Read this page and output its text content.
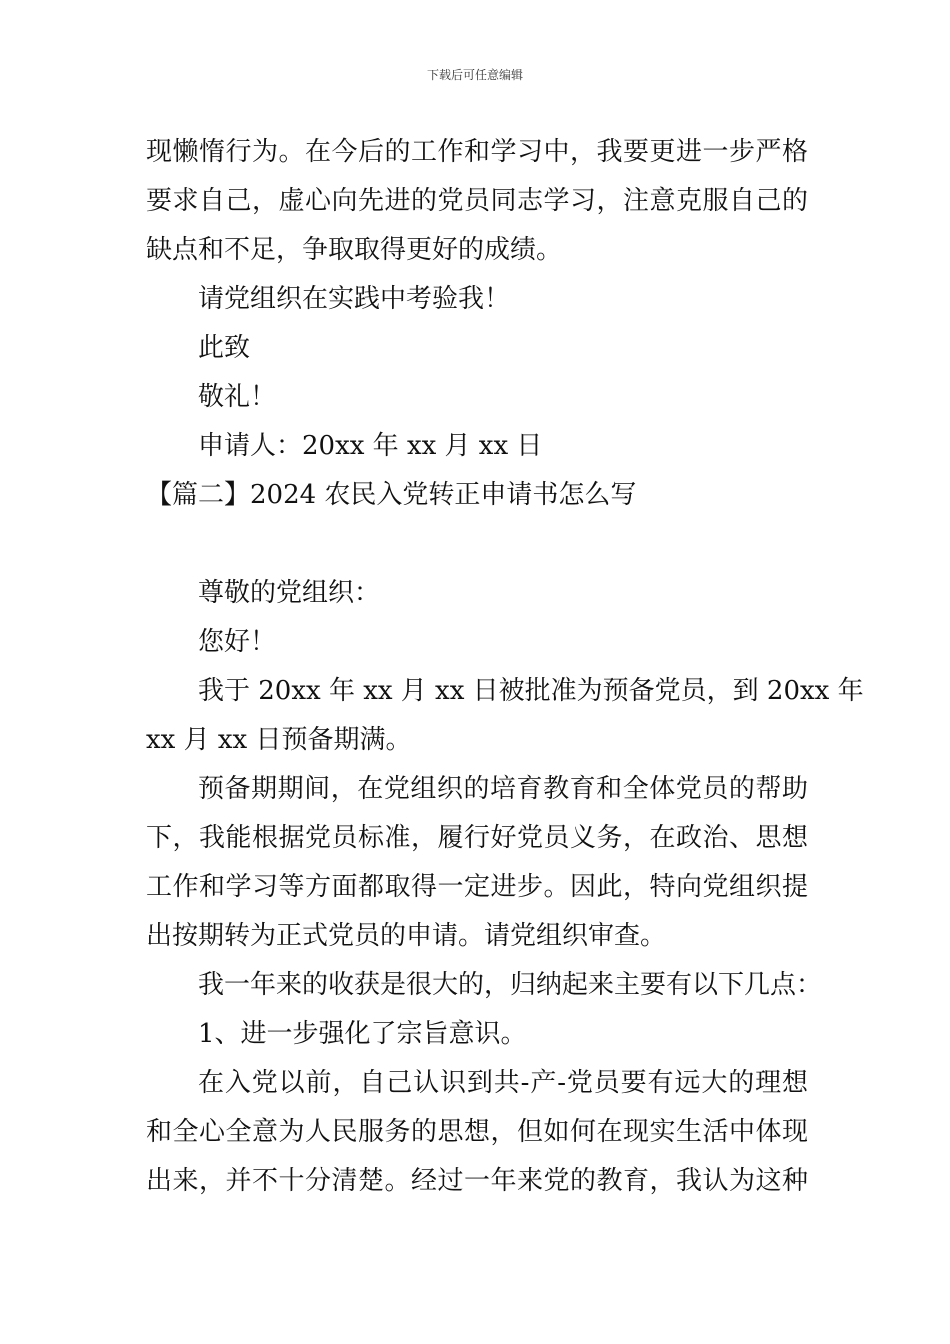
下载后可任意编辑
现懒惰行为。在今后的工作和学习中，我要更进一步严格
要求自己，虚心向先进的党员同志学习，注意克服自己的
缺点和不足，争取取得更好的成绩。
请党组织在实践中考验我！
此致
敬礼！
申请人：20xx 年 xx 月 xx 日
【篇二】2024 农民入党转正申请书怎么写
尊敬的党组织：
您好！
我于 20xx 年 xx 月 xx 日被批准为预备党员，到 20xx 年
xx 月 xx 日预备期满。
预备期期间，在党组织的培育教育和全体党员的帮助
下，我能根据党员标准，履行好党员义务，在政治、思想
工作和学习等方面都取得一定进步。因此，特向党组织提
出按期转为正式党员的申请。请党组织审查。
我一年来的收获是很大的，归纳起来主要有以下几点：
1、进一步强化了宗旨意识。
在入党以前，自己认识到共-产-党员要有远大的理想
和全心全意为人民服务的思想，但如何在现实生活中体现
出来，并不十分清楚。经过一年来党的教育，我认为这种
